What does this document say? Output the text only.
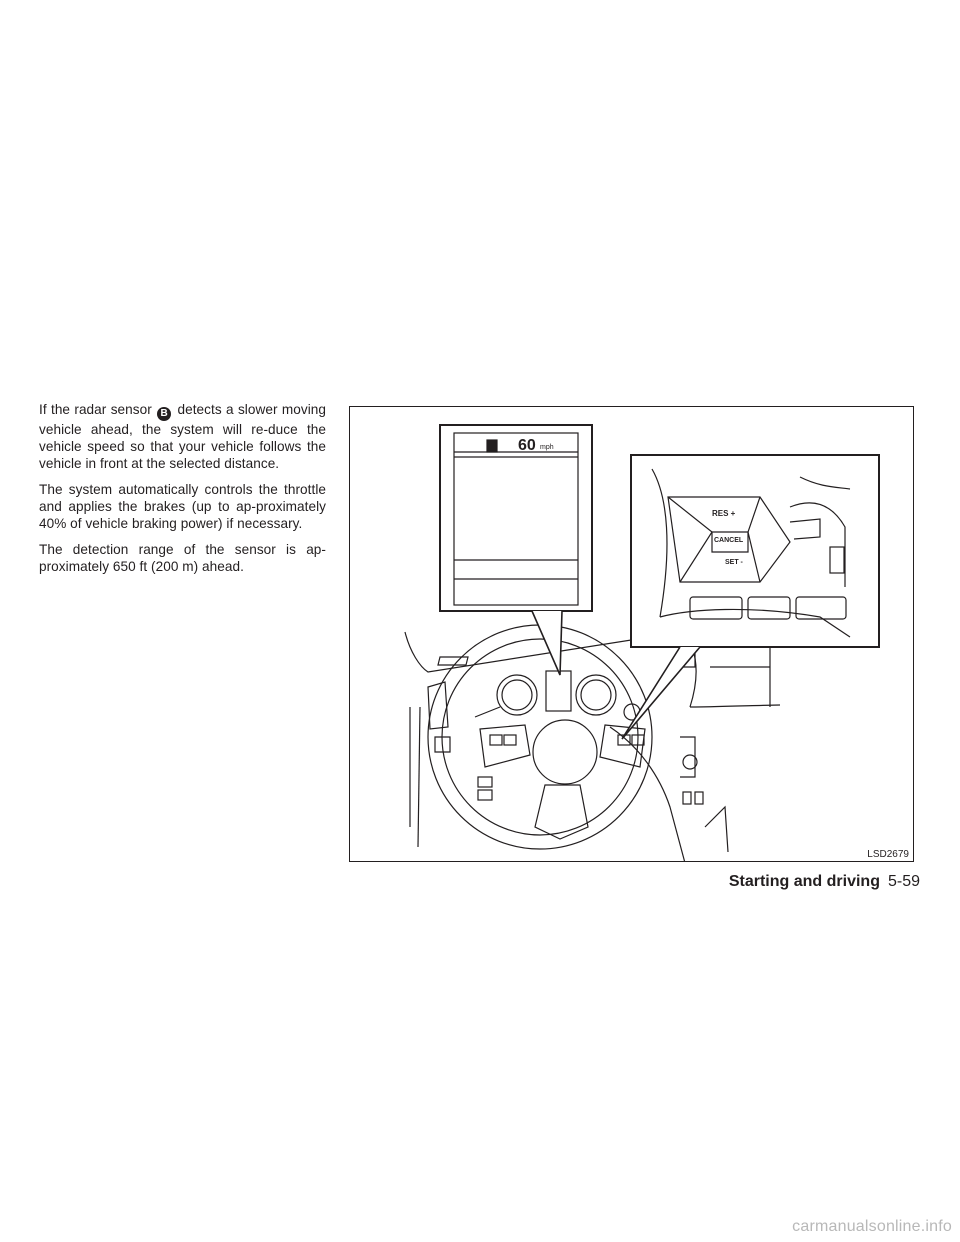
If the radar sensor B detects a slower moving vehicle ahead, the system will re-duce the vehicle speed so that your vehicle follows the vehicle in front at the selected distance.

The system automatically controls the throttle and applies the brakes (up to ap-proximately 40% of vehicle braking power) if necessary.

The detection range of the sensor is ap-proximately 650 ft (200 m) ahead.

60 mph
RES +
CANCEL
SET -
LSD2679
Starting and driving 5-59
carmanualsonline.info
